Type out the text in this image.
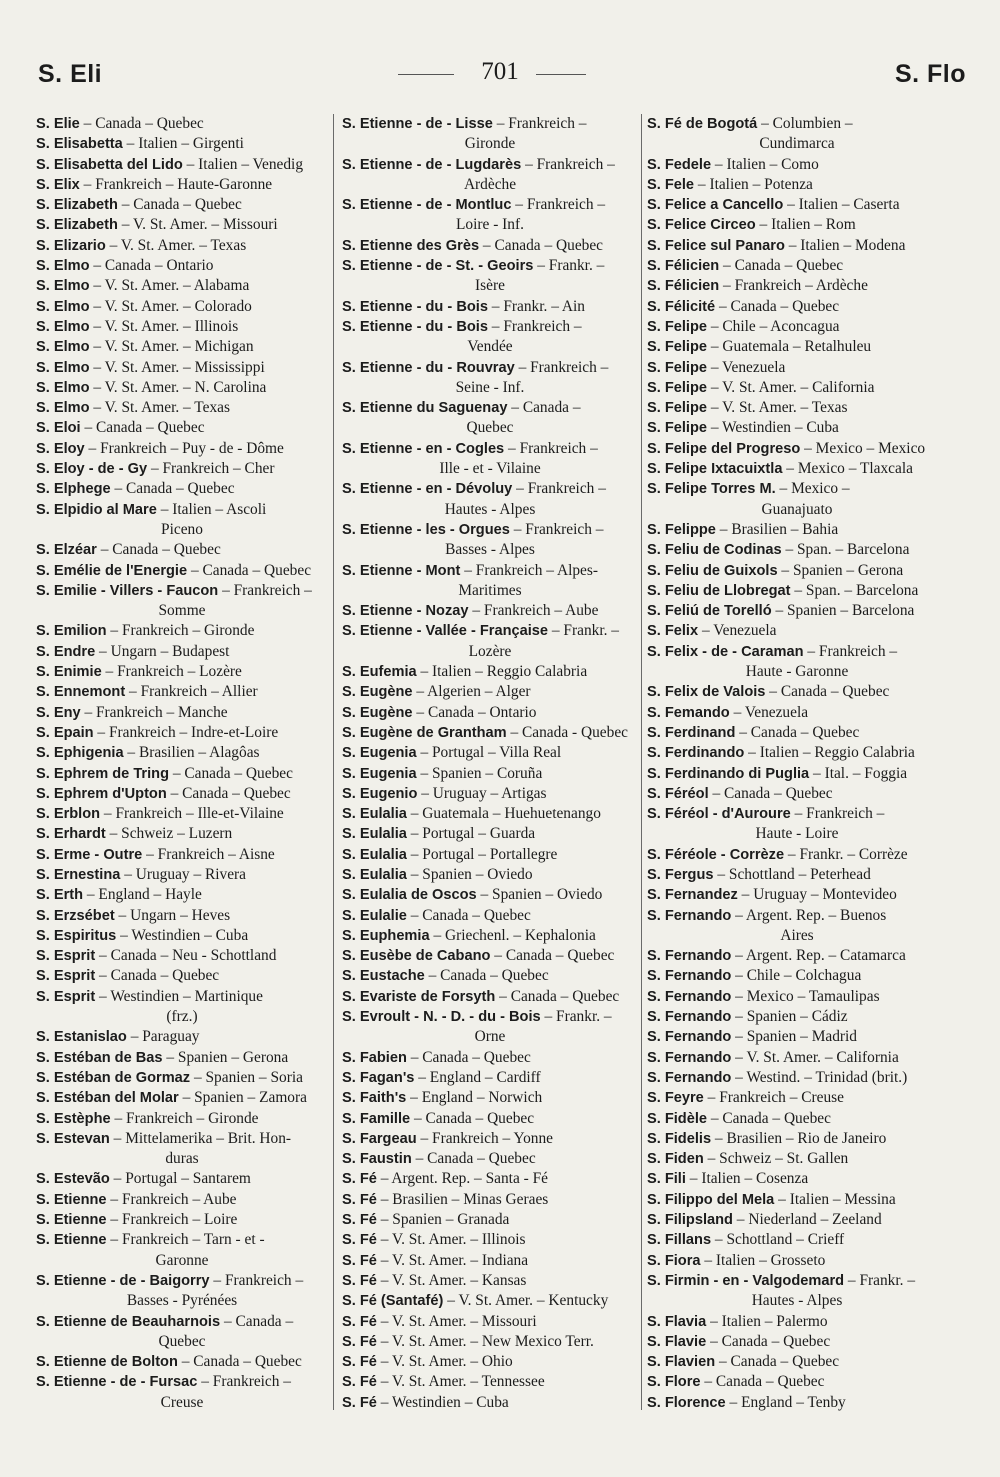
S. Eli	701	S. Flo
S. Elie – Canada – Quebec
S. Elisabetta – Italien – Girgenti
S. Elisabetta del Lido – Italien – Venedig
S. Elix – Frankreich – Haute-Garonne
S. Elizabeth – Canada – Quebec
S. Elizabeth – V. St. Amer. – Missouri
S. Elizario – V. St. Amer. – Texas
S. Elmo – Canada – Ontario
S. Elmo – V. St. Amer. – Alabama
S. Elmo – V. St. Amer. – Colorado
S. Elmo – V. St. Amer. – Illinois
S. Elmo – V. St. Amer. – Michigan
S. Elmo – V. St. Amer. – Mississippi
S. Elmo – V. St. Amer. – N. Carolina
S. Elmo – V. St. Amer. – Texas
S. Eloi – Canada – Quebec
S. Eloy – Frankreich – Puy - de - Dôme
S. Eloy - de - Gy – Frankreich – Cher
S. Elphege – Canada – Quebec
S. Elpidio al Mare – Italien – Ascoli
Piceno
S. Elzéar – Canada – Quebec
S. Emélie de l'Energie – Canada – Quebec
S. Emilie - Villers - Faucon – Frankreich –
Somme
S. Emilion – Frankreich – Gironde
S. Endre – Ungarn – Budapest
S. Enimie – Frankreich – Lozère
S. Ennemont – Frankreich – Allier
S. Eny – Frankreich – Manche
S. Epain – Frankreich – Indre-et-Loire
S. Ephigenia – Brasilien – Alagôas
S. Ephrem de Tring – Canada – Quebec
S. Ephrem d'Upton – Canada – Quebec
S. Erblon – Frankreich – Ille-et-Vilaine
S. Erhardt – Schweiz – Luzern
S. Erme - Outre – Frankreich – Aisne
S. Ernestina – Uruguay – Rivera
S. Erth – England – Hayle
S. Erzsébet – Ungarn – Heves
S. Espiritus – Westindien – Cuba
S. Esprit – Canada – Neu - Schottland
S. Esprit – Canada – Quebec
S. Esprit – Westindien – Martinique
(frz.)
S. Estanislao – Paraguay
S. Estéban de Bas – Spanien – Gerona
S. Estéban de Gormaz – Spanien – Soria
S. Estéban del Molar – Spanien – Zamora
S. Estèphe – Frankreich – Gironde
S. Estevan – Mittelamerika – Brit. Hon-
duras
S. Estevão – Portugal – Santarem
S. Etienne – Frankreich – Aube
S. Etienne – Frankreich – Loire
S. Etienne – Frankreich – Tarn - et -
Garonne
S. Etienne - de - Baigorry – Frankreich –
Basses - Pyrénées
S. Etienne de Beauharnois – Canada –
Quebec
S. Etienne de Bolton – Canada – Quebec
S. Etienne - de - Fursac – Frankreich –
Creuse
S. Etienne - de - Lisse – Frankreich –
Gironde
S. Etienne - de - Lugdarès – Frankreich –
Ardèche
S. Etienne - de - Montluc – Frankreich –
Loire - Inf.
S. Etienne des Grès – Canada – Quebec
S. Etienne - de - St. - Geoirs – Frankr. –
Isère
S. Etienne - du - Bois – Frankr. – Ain
S. Etienne - du - Bois – Frankreich –
Vendée
S. Etienne - du - Rouvray – Frankreich –
Seine - Inf.
S. Etienne du Saguenay – Canada –
Quebec
S. Etienne - en - Cogles – Frankreich –
Ille - et - Vilaine
S. Etienne - en - Dévoluy – Frankreich –
Hautes - Alpes
S. Etienne - les - Orgues – Frankreich –
Basses - Alpes
S. Etienne - Mont – Frankreich – Alpes-
Maritimes
S. Etienne - Nozay – Frankreich – Aube
S. Etienne - Vallée - Française – Frankr. –
Lozère
S. Eufemia – Italien – Reggio Calabria
S. Eugène – Algerien – Alger
S. Eugène – Canada – Ontario
S. Eugène de Grantham – Canada - Quebec
S. Eugenia – Portugal – Villa Real
S. Eugenia – Spanien – Coruña
S. Eugenio – Uruguay – Artigas
S. Eulalia – Guatemala – Huehuetenango
S. Eulalia – Portugal – Guarda
S. Eulalia – Portugal – Portallegre
S. Eulalia – Spanien – Oviedo
S. Eulalia de Oscos – Spanien – Oviedo
S. Eulalie – Canada – Quebec
S. Euphemia – Griechenl. – Kephalonia
S. Eusèbe de Cabano – Canada – Quebec
S. Eustache – Canada – Quebec
S. Evariste de Forsyth – Canada – Quebec
S. Evroult - N. - D. - du - Bois – Frankr. –
Orne
S. Fabien – Canada – Quebec
S. Fagan's – England – Cardiff
S. Faith's – England – Norwich
S. Famille – Canada – Quebec
S. Fargeau – Frankreich – Yonne
S. Faustin – Canada – Quebec
S. Fé – Argent. Rep. – Santa - Fé
S. Fé – Brasilien – Minas Geraes
S. Fé – Spanien – Granada
S. Fé – V. St. Amer. – Illinois
S. Fé – V. St. Amer. – Indiana
S. Fé – V. St. Amer. – Kansas
S. Fé (Santafé) – V. St. Amer. – Kentucky
S. Fé – V. St. Amer. – Missouri
S. Fé – V. St. Amer. – New Mexico Terr.
S. Fé – V. St. Amer. – Ohio
S. Fé – V. St. Amer. – Tennessee
S. Fé – Westindien – Cuba
S. Fé de Bogotá – Columbien –
Cundimarca
S. Fedele – Italien – Como
S. Fele – Italien – Potenza
S. Felice a Cancello – Italien – Caserta
S. Felice Circeo – Italien – Rom
S. Felice sul Panaro – Italien – Modena
S. Félicien – Canada – Quebec
S. Félicien – Frankreich – Ardèche
S. Félicité – Canada – Quebec
S. Felipe – Chile – Aconcagua
S. Felipe – Guatemala – Retalhuleu
S. Felipe – Venezuela
S. Felipe – V. St. Amer. – California
S. Felipe – V. St. Amer. – Texas
S. Felipe – Westindien – Cuba
S. Felipe del Progreso – Mexico – Mexico
S. Felipe Ixtacuixtla – Mexico – Tlaxcala
S. Felipe Torres M. – Mexico –
Guanajuato
S. Felippe – Brasilien – Bahia
S. Feliu de Codinas – Span. – Barcelona
S. Feliu de Guixols – Spanien – Gerona
S. Feliu de Llobregat – Span. – Barcelona
S. Feliú de Torelló – Spanien – Barcelona
S. Felix – Venezuela
S. Felix - de - Caraman – Frankreich –
Haute - Garonne
S. Felix de Valois – Canada – Quebec
S. Femando – Venezuela
S. Ferdinand – Canada – Quebec
S. Ferdinando – Italien – Reggio Calabria
S. Ferdinando di Puglia – Ital. – Foggia
S. Féréol – Canada – Quebec
S. Féréol - d'Auroure – Frankreich –
Haute - Loire
S. Féréole - Corrèze – Frankr. – Corrèze
S. Fergus – Schottland – Peterhead
S. Fernandez – Uruguay – Montevideo
S. Fernando – Argent. Rep. – Buenos
Aires
S. Fernando – Argent. Rep. – Catamarca
S. Fernando – Chile – Colchagua
S. Fernando – Mexico – Tamaulipas
S. Fernando – Spanien – Cádiz
S. Fernando – Spanien – Madrid
S. Fernando – V. St. Amer. – California
S. Fernando – Westind. – Trinidad (brit.)
S. Feyre – Frankreich – Creuse
S. Fidèle – Canada – Quebec
S. Fidelis – Brasilien – Rio de Janeiro
S. Fiden – Schweiz – St. Gallen
S. Fili – Italien – Cosenza
S. Filippo del Mela – Italien – Messina
S. Filipsland – Niederland – Zeeland
S. Fillans – Schottland – Crieff
S. Fiora – Italien – Grosseto
S. Firmin - en - Valgodemard – Frankr. –
Hautes - Alpes
S. Flavia – Italien – Palermo
S. Flavie – Canada – Quebec
S. Flavien – Canada – Quebec
S. Flore – Canada – Quebec
S. Florence – England – Tenby
